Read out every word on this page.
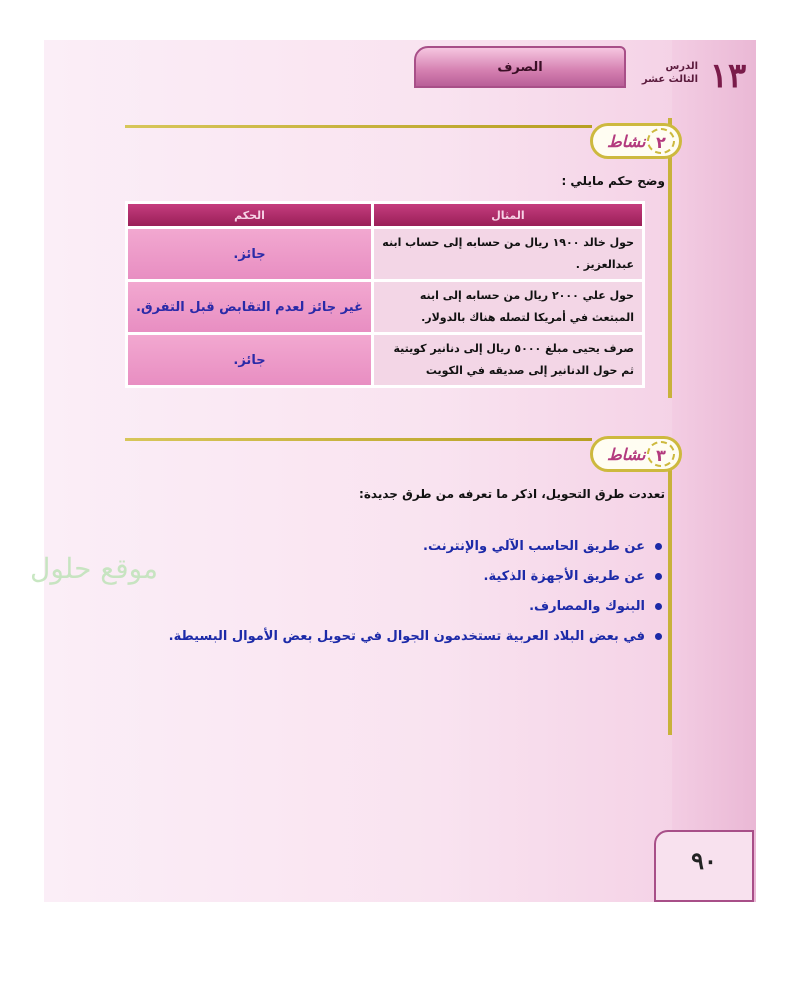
١٣
الدرس
الثالث عشر
الصرف
نشاط ٢
وضح حكم مايلي :
المثال	الحكم
حول خالد ١٩٠٠ ريال من حسابه إلى حساب ابنه عبدالعزيز .	جائز.
حول علي ٢٠٠٠ ريال من حسابه إلى ابنه المبتعث في أمريكا لتصله هناك بالدولار.	غير جائز لعدم التقابض قبل التفرق.
صرف يحيى مبلغ ٥٠٠٠ ريال إلى دنانير كويتية ثم حول الدنانير إلى صديقه في الكويت	جائز.
نشاط ٣
تعددت طرق التحويل، اذكر ما تعرفه من طرق جديدة:
عن طريق الحاسب الآلي والإنترنت.
عن طريق الأجهزة الذكية.
البنوك والمصارف.
في بعض البلاد العربية تستخدمون الجوال في تحويل بعض الأموال البسيطة.
موقع حلول
٩٠
